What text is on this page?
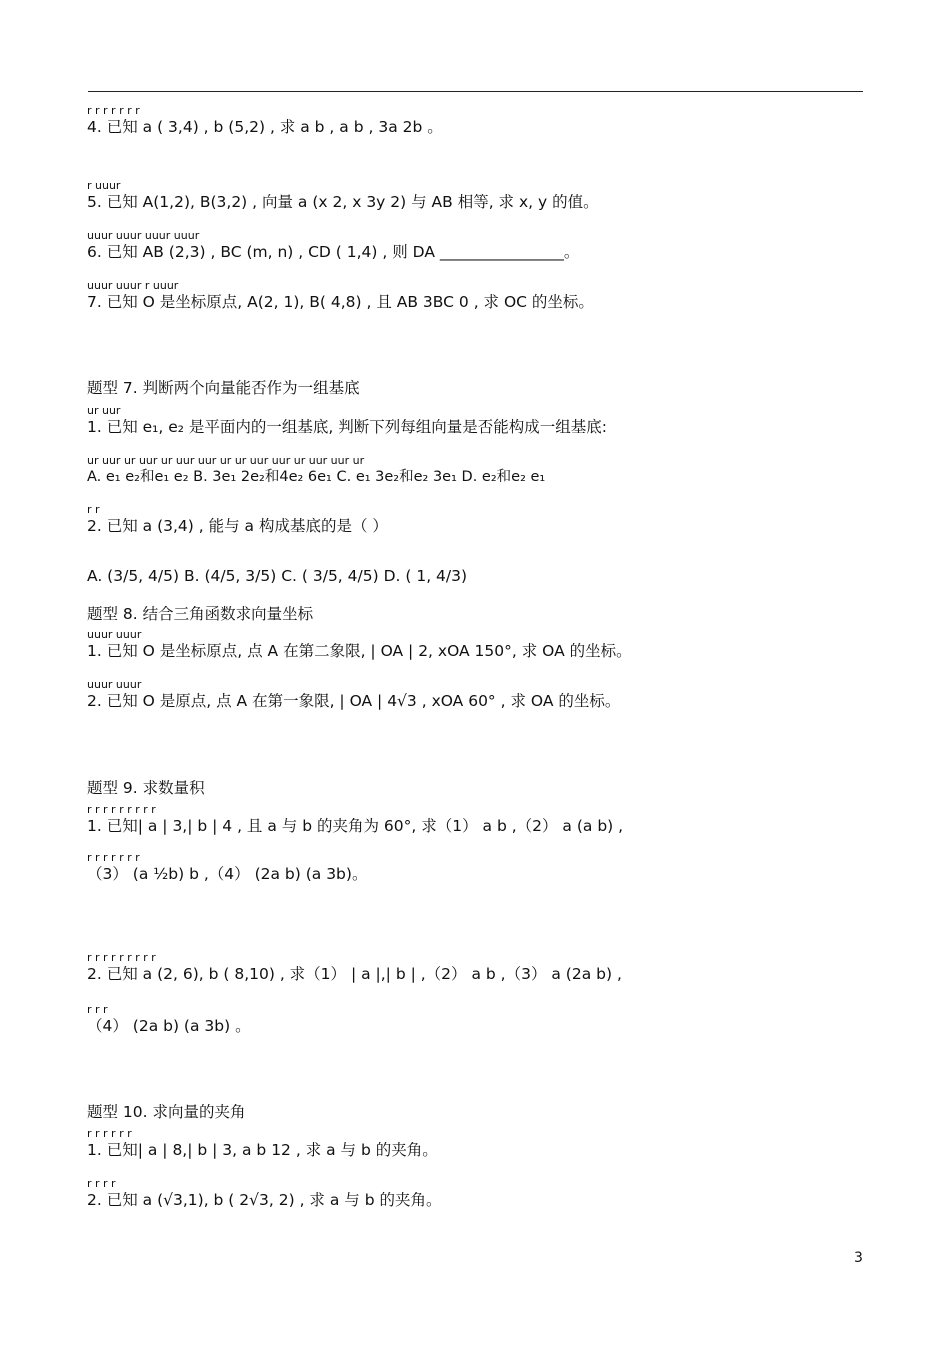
r r r r r r r
4. 已知 a ( 3,4) , b (5,2) , 求 a b , a b , 3a 2b 。
r uuur
5. 已知 A(1,2), B(3,2) , 向量 a (x 2, x 3y 2) 与 AB 相等, 求 x, y 的值。
uuur uuur uuur uuur
6. 已知 AB (2,3) , BC (m, n) , CD ( 1,4) , 则 DA ________________。
uuur uuur r uuur
7. 已知 O 是坐标原点, A(2, 1), B( 4,8) , 且 AB 3BC 0 , 求 OC 的坐标。
题型 7. 判断两个向量能否作为一组基底
ur uur
1. 已知 e₁, e₂ 是平面内的一组基底, 判断下列每组向量是否能构成一组基底:
ur uur ur uur ur uur uur ur ur uur uur ur uur uur ur
A. e₁ e₂和e₁ e₂ B. 3e₁ 2e₂和4e₂ 6e₁ C. e₁ 3e₂和e₂ 3e₁ D. e₂和e₂ e₁
r r
2. 已知 a (3,4) , 能与 a 构成基底的是（ ）
A. (3/5, 4/5) B. (4/5, 3/5) C. ( 3/5, 4/5) D. ( 1, 4/3)
题型 8. 结合三角函数求向量坐标
uuur uuur
1. 已知 O 是坐标原点, 点 A 在第二象限, | OA | 2, xOA 150°, 求 OA 的坐标。
uuur uuur
2. 已知 O 是原点, 点 A 在第一象限, | OA | 4√3 , xOA 60° , 求 OA 的坐标。
题型 9. 求数量积
r r r r r r r r r
1. 已知| a | 3,| b | 4 , 且 a 与 b 的夹角为 60°, 求（1） a b ,（2） a (a b) ,
r r r r r r r
（3） (a ½b) b ,（4） (2a b) (a 3b)。
r r r r r r r r r
2. 已知 a (2, 6), b ( 8,10) , 求（1） | a |,| b | ,（2） a b ,（3） a (2a b) ,
r r r
（4） (2a b) (a 3b) 。
题型 10. 求向量的夹角
r r r r r r
1. 已知| a | 8,| b | 3, a b 12 , 求 a 与 b 的夹角。
r r r r
2. 已知 a (√3,1), b ( 2√3, 2) , 求 a 与 b 的夹角。
3
